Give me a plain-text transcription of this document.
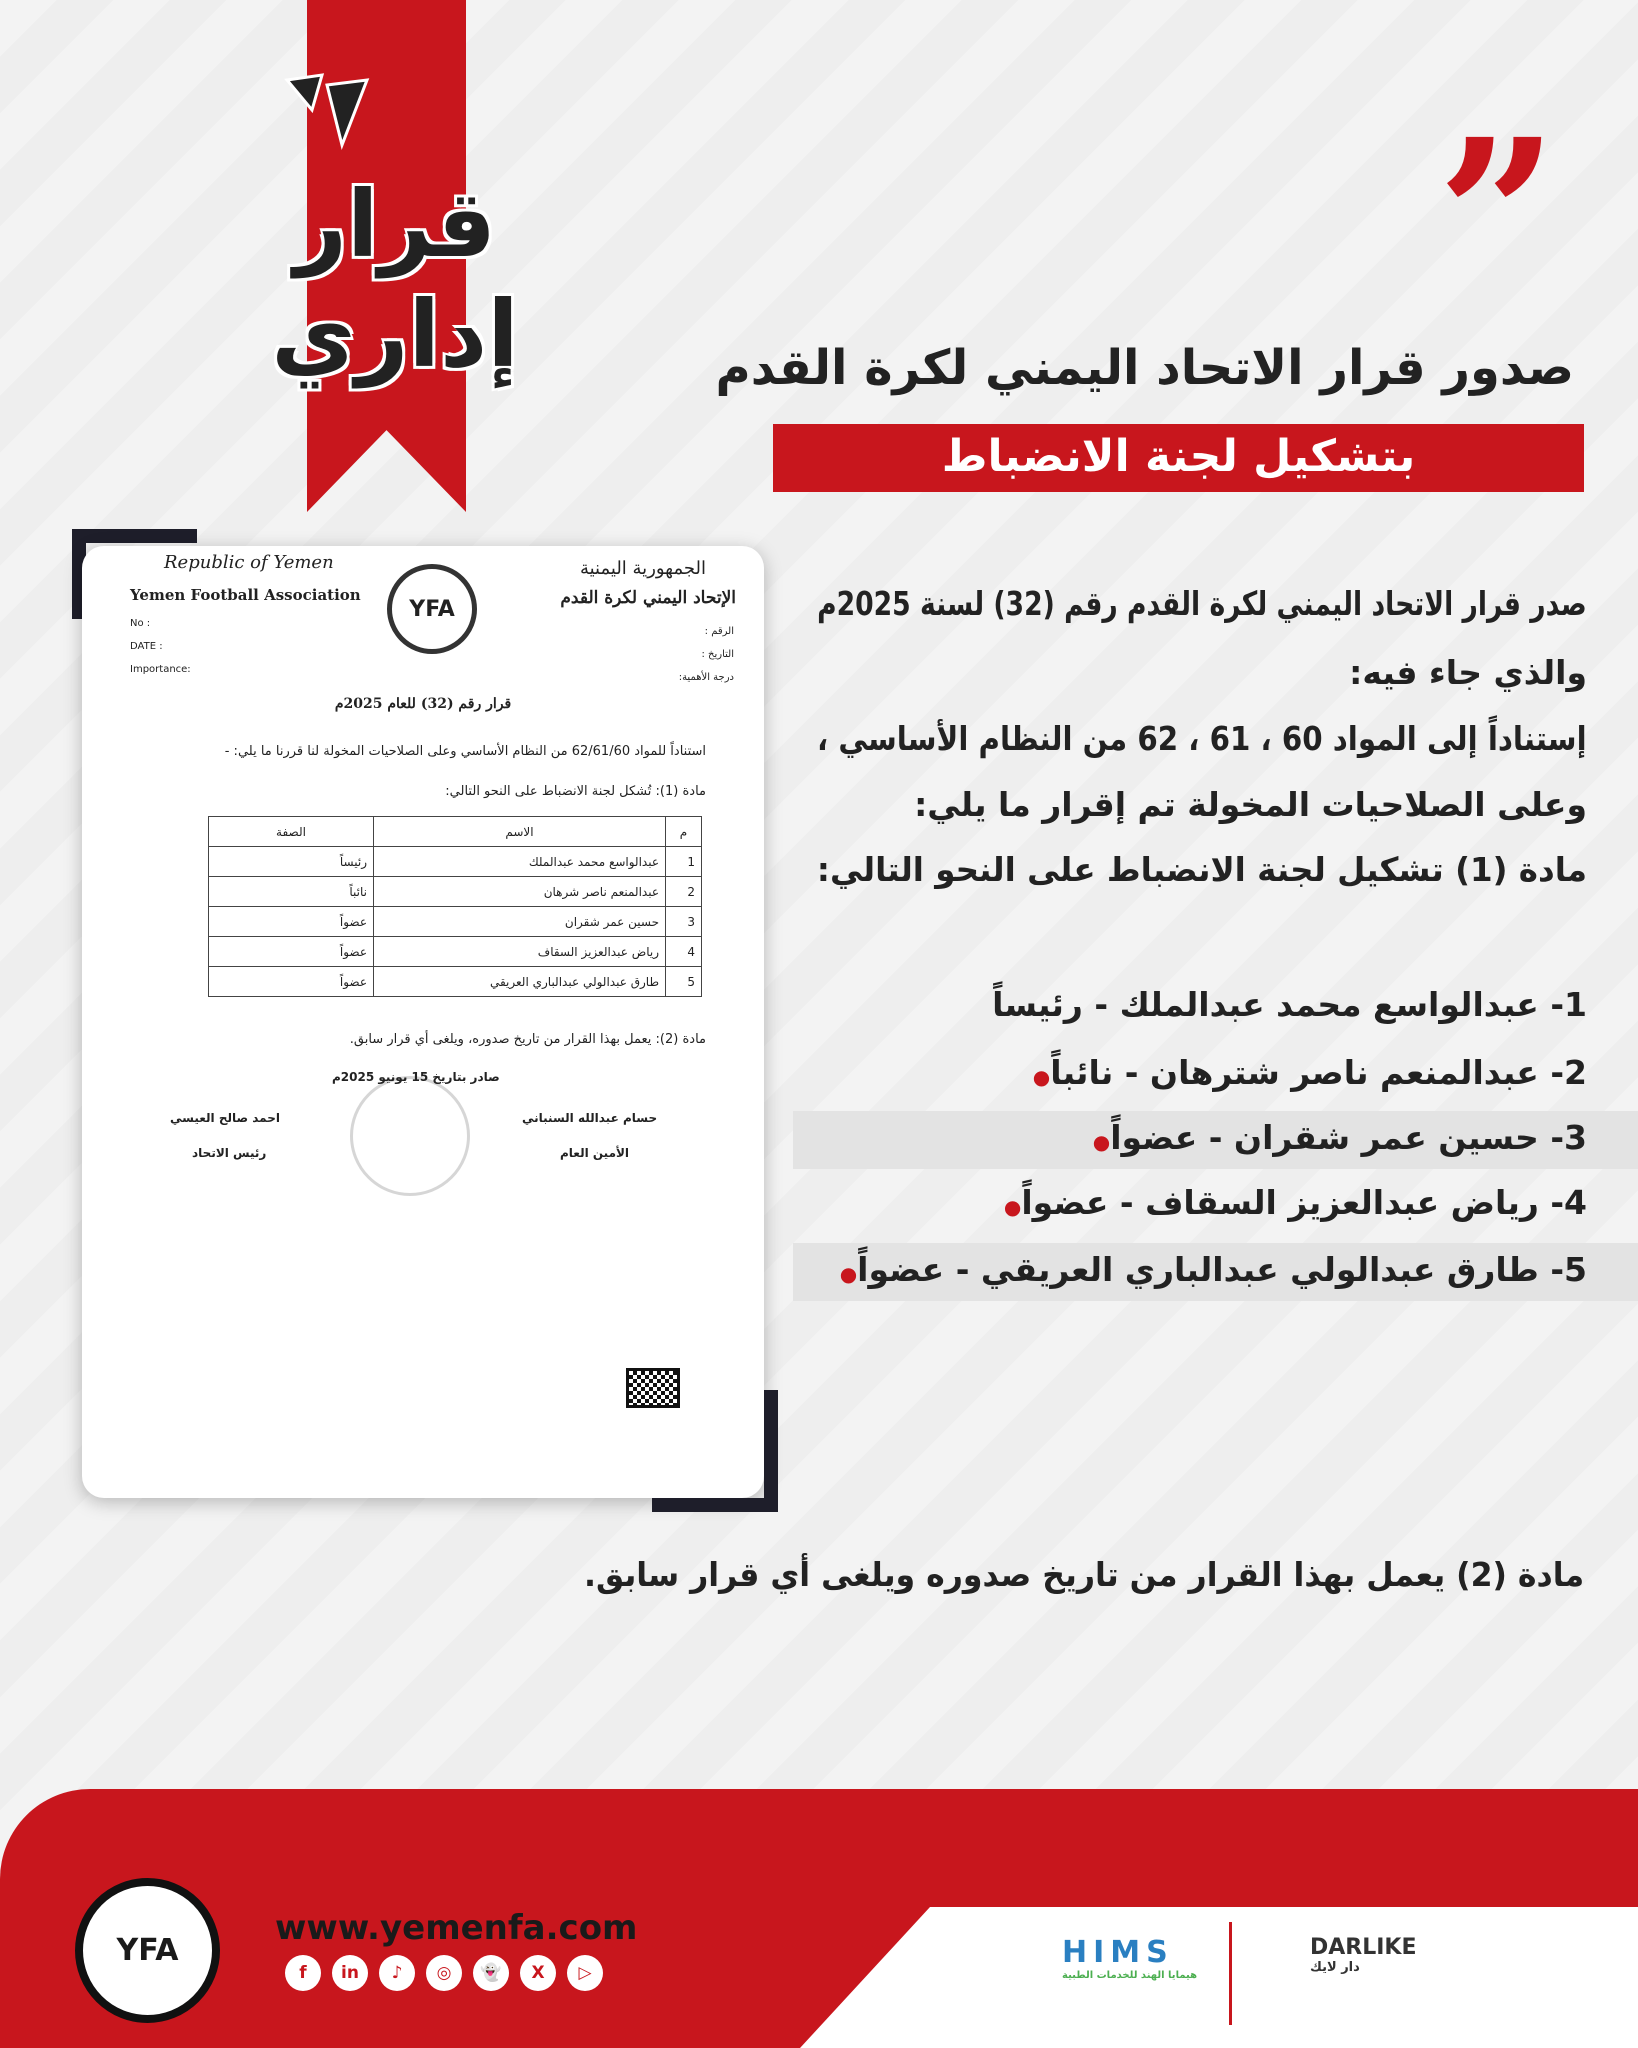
قرار
إداري	”
صدور قرار الاتحاد اليمني لكرة القدم
بتشكيل لجنة الانضباط
Republic of Yemen
Yemen Football Association
No :
DATE :
Importance:
YFA
الجمهورية اليمنية
الإتحاد اليمني لكرة القدم
الرقم :
التاريخ :
درجة الأهمية:
قرار رقم (32) للعام 2025م
استناداً للمواد 62/61/60 من النظام الأساسي وعلى الصلاحيات المخولة لنا قررنا ما يلي: -
مادة (1): تُشكل لجنة الانضباط على النحو التالي:
م	الاسم	الصفة
1	عبدالواسع محمد عبدالملك	رئيساً
2	عبدالمنعم ناصر شرهان	نائباً
3	حسين عمر شقران	عضواً
4	رياض عبدالعزيز السقاف	عضواً
5	طارق عبدالولي عبدالباري العريقي	عضواً
مادة (2): يعمل بهذا القرار من تاريخ صدوره، ويلغى أي قرار سابق.
صادر بتاريخ 15 يونيو 2025م
احمد صالح العيسي
رئيس الاتحاد
حسام عبدالله السنباني
الأمين العام
صدر قرار الاتحاد اليمني لكرة القدم رقم (32) لسنة 2025م
والذي جاء فيه:
إستناداً إلى المواد 60 ، 61 ، 62 من النظام الأساسي ،
وعلى الصلاحيات المخولة تم إقرار ما يلي:
مادة (1) تشكيل لجنة الانضباط على النحو التالي:
1- عبدالواسع محمد عبدالملك - رئيساً
2- عبدالمنعم ناصر شترهان - نائباً●
3- حسين عمر شقران - عضواً●
4- رياض عبدالعزيز السقاف - عضواً●
5- طارق عبدالولي عبدالباري العريقي - عضواً●
مادة (2) يعمل بهذا القرار من تاريخ صدوره ويلغى أي قرار سابق.
YFA
www.yemenfa.com
f	in	♪	◎	👻	X	▷
HIMS
هيمايا الهند للخدمات الطبية
DARLIKE
دار لايك
